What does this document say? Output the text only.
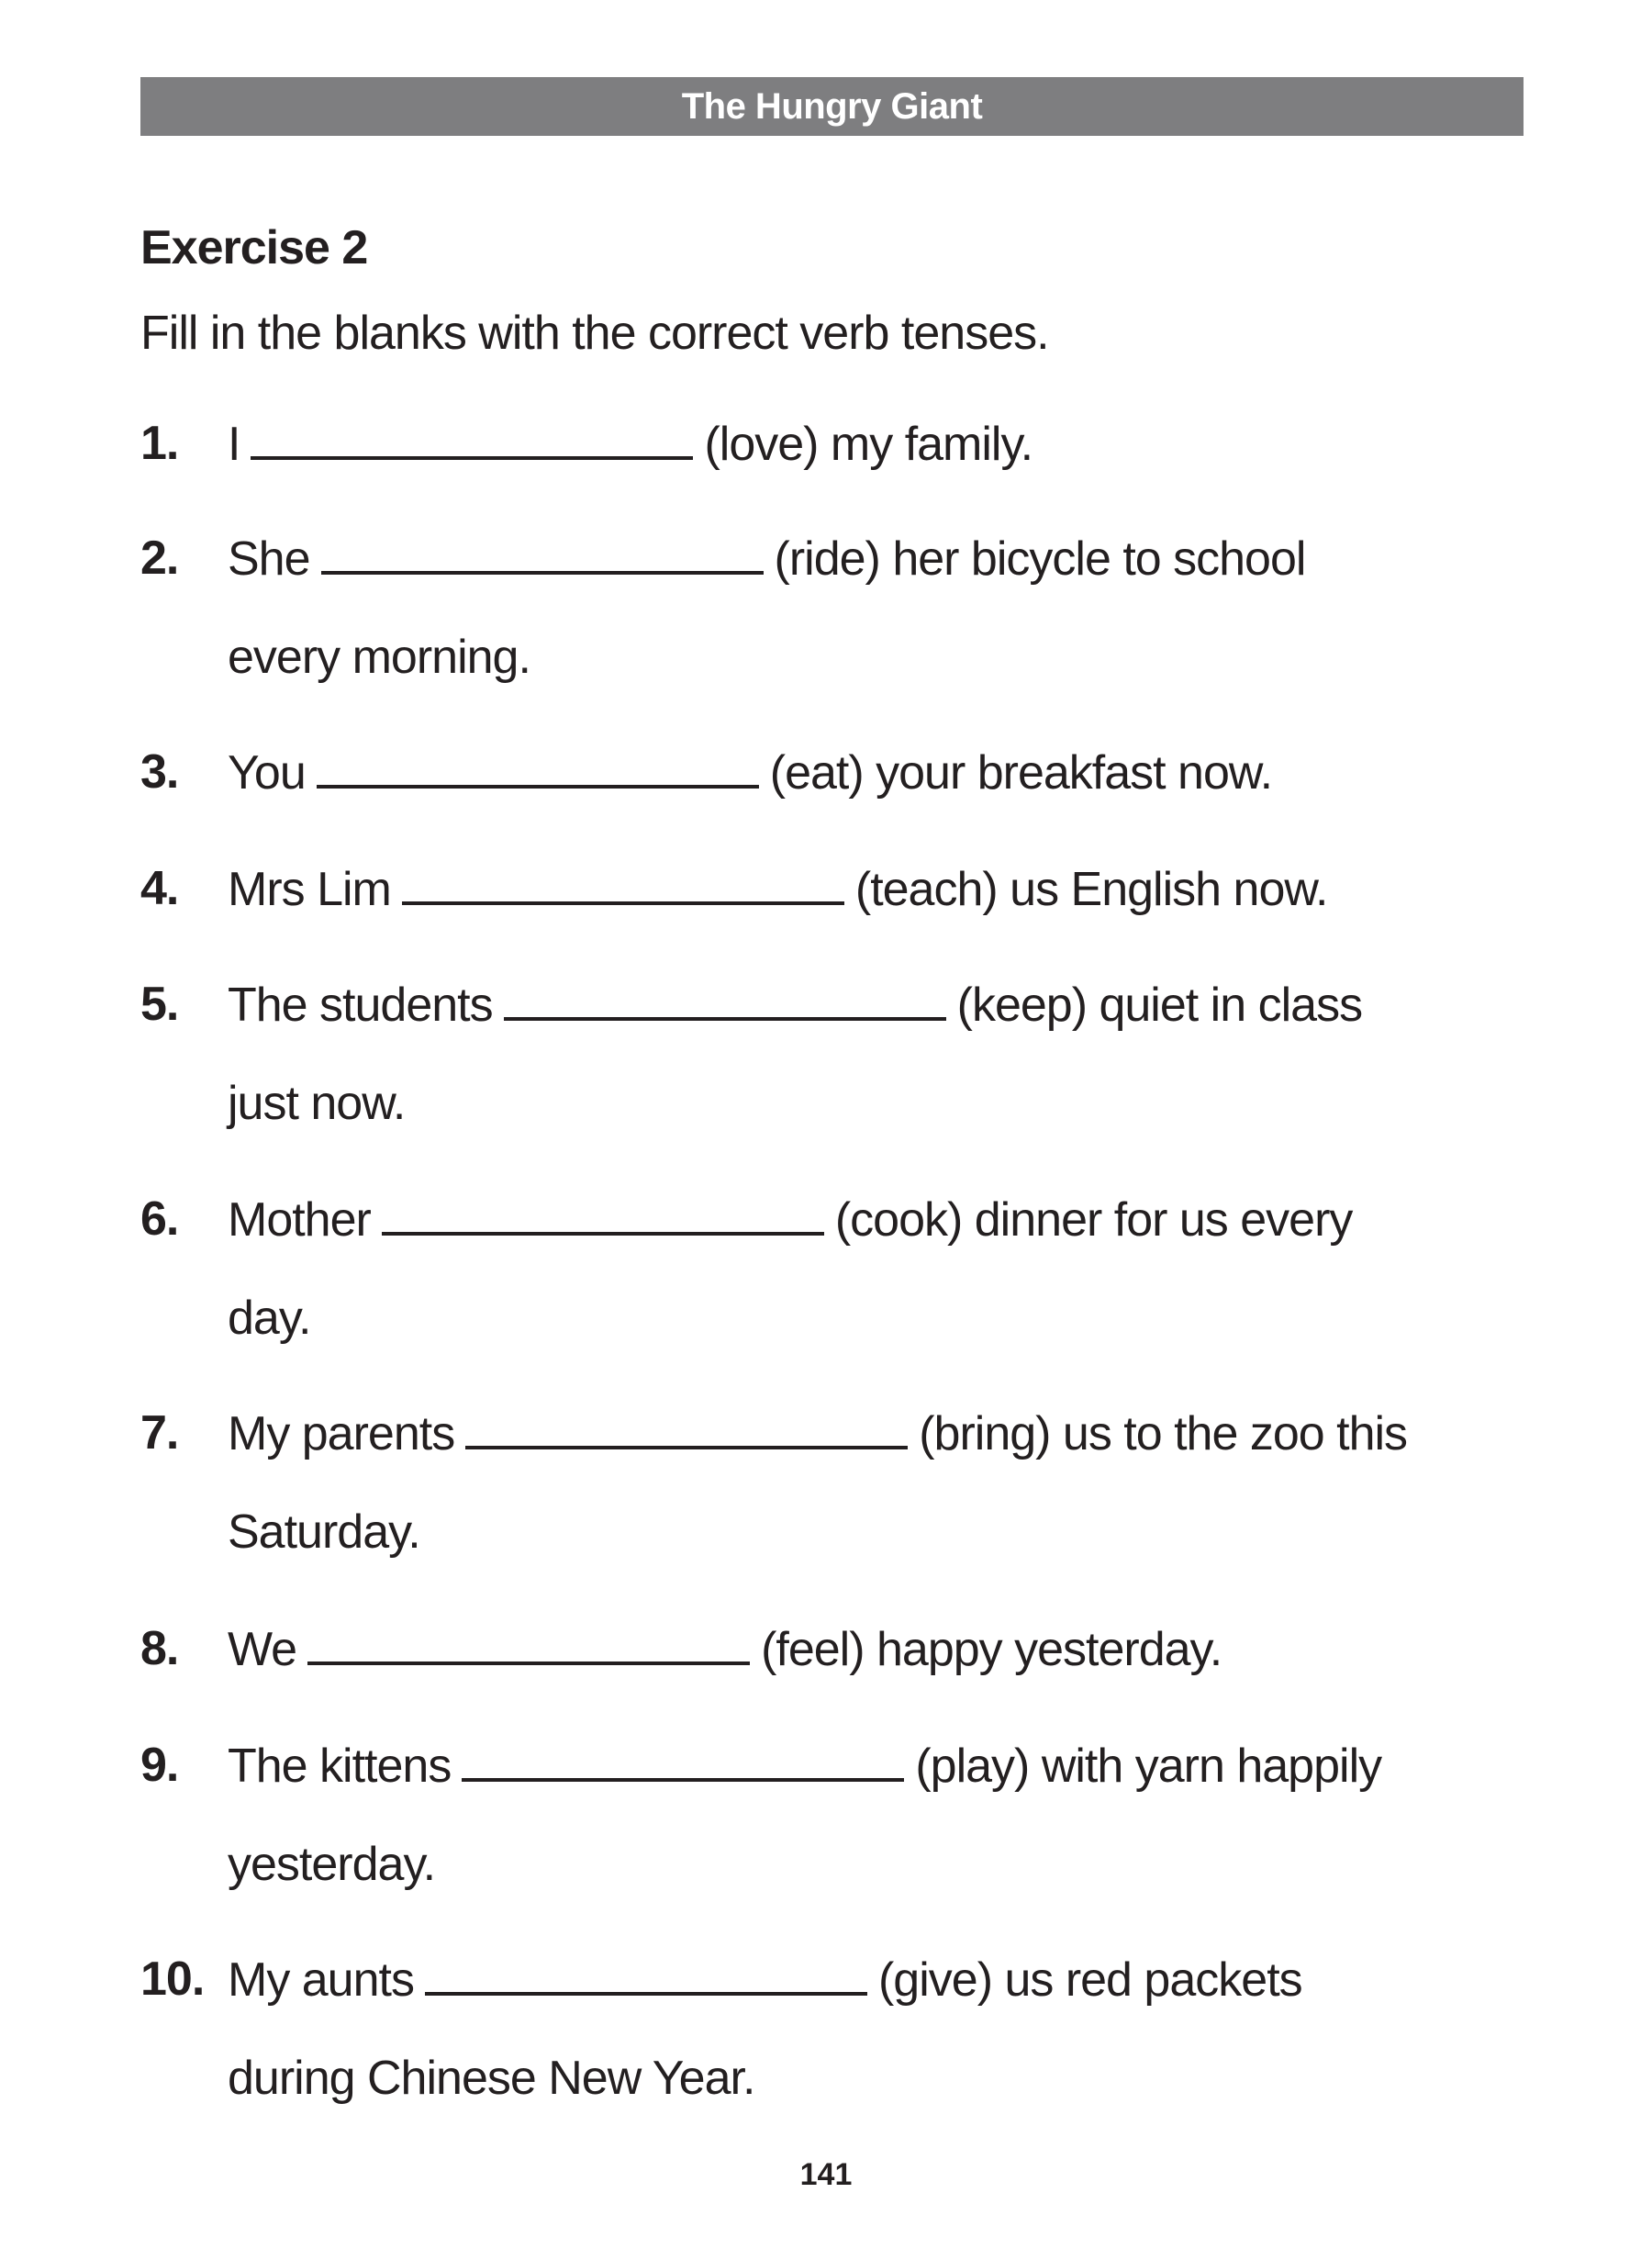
The Hungry Giant
Exercise 2
Fill in the blanks with the correct verb tenses.
1. I	(love) my family.
2. She	(ride) her bicycle to school
every morning.
3. You	(eat) your breakfast now.
4. Mrs Lim	(teach) us English now.
5. The students	(keep) quiet in class
just now.
6. Mother	(cook) dinner for us every
day.
7. My parents	(bring) us to the zoo this
Saturday.
8. We	(feel) happy yesterday.
9. The kittens	(play) with yarn happily
yesterday.
10. My aunts	(give) us red packets
during Chinese New Year.
141
